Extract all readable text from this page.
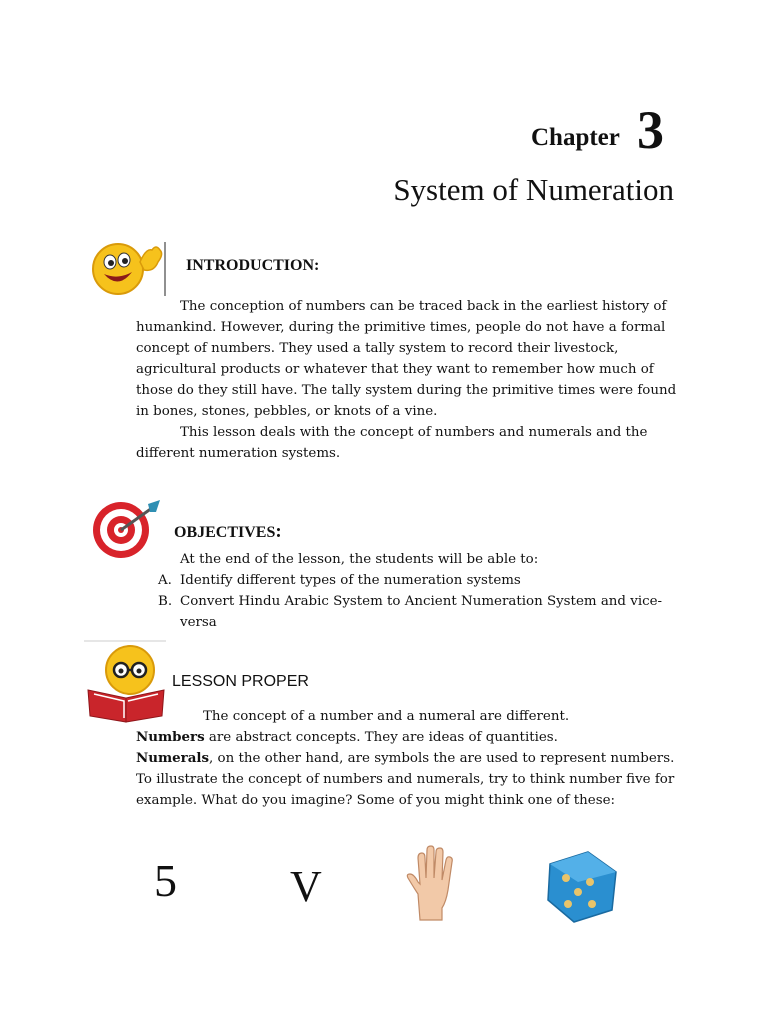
Chapter 3
System of Numeration
INTRODUCTION:

The conception of numbers can be traced back in the earliest history of humankind. However, during the primitive times, people do not have a formal concept of numbers. They used a tally system to record their livestock, agricultural products or whatever that they want to remember how much of those do they still have. The tally system during the primitive times were found in bones, stones, pebbles, or knots of a vine.

This lesson deals with the concept of numbers and numerals and the different numeration systems.

OBJECTIVES:
At the end of the lesson, the students will be able to:
A. Identify different types of the numeration systems
B. Convert Hindu Arabic System to Ancient Numeration System and vice-versa
LESSON PROPER

The concept of a number and a numeral are different.

Numbers are abstract concepts. They are ideas of quantities.

Numerals, on the other hand, are symbols the are used to represent numbers. To illustrate the concept of numbers and numerals, try to think number five for example. What do you imagine? Some of you might think one of these:

5	V
